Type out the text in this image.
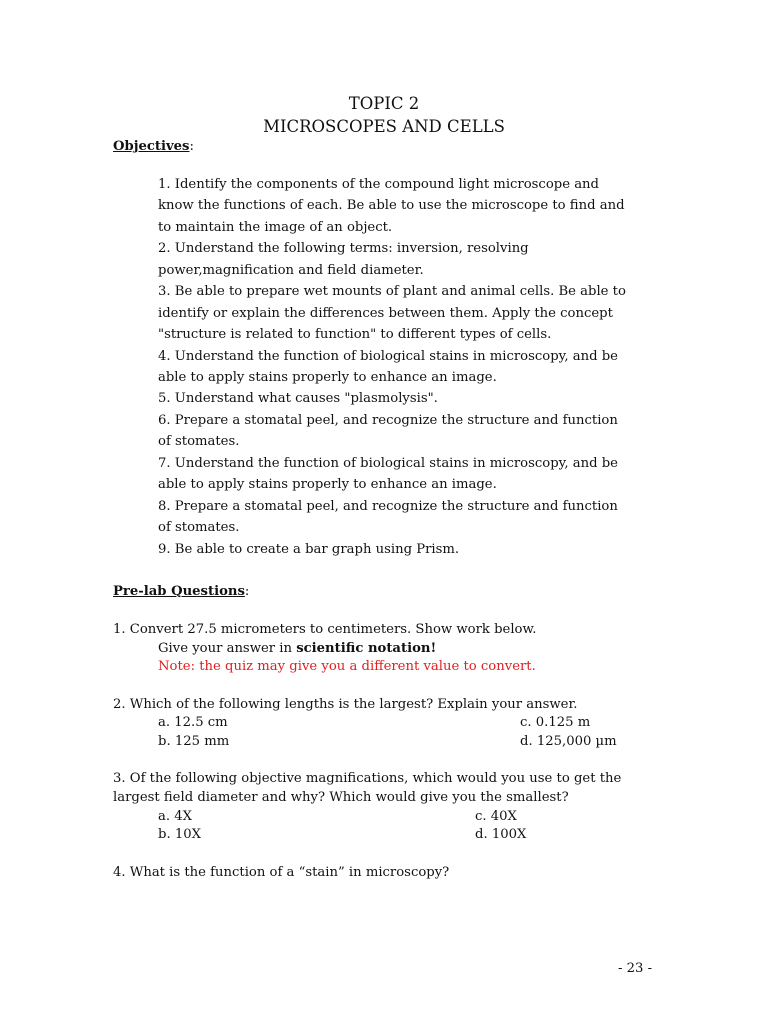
TOPIC 2
MICROSCOPES AND CELLS
Objectives:
1. Identify the components of the compound light microscope and
know the functions of each. Be able to use the microscope to find and
to maintain the image of an object.
2. Understand the following terms: inversion, resolving
power,magnification and field diameter.
3. Be able to prepare wet mounts of plant and animal cells. Be able to
identify or explain the differences between them. Apply the concept
"structure is related to function" to different types of cells.
4. Understand the function of biological stains in microscopy, and be
able to apply stains properly to enhance an image.
5. Understand what causes "plasmolysis".
6. Prepare a stomatal peel, and recognize the structure and function
of stomates.
7. Understand the function of biological stains in microscopy, and be
able to apply stains properly to enhance an image.
8. Prepare a stomatal peel, and recognize the structure and function
of stomates.
9. Be able to create a bar graph using Prism.
Pre-lab Questions:
1. Convert 27.5 micrometers to centimeters. Show work below.
Give your answer in scientific notation!
Note: the quiz may give you a different value to convert.
2. Which of the following lengths is the largest? Explain your answer.
a. 12.5 cm	c. 0.125 m
b. 125 mm	d. 125,000 µm
3. Of the following objective magnifications, which would you use to get the
largest field diameter and why? Which would give you the smallest?
a. 4X	c. 40X
b. 10X	d. 100X
4. What is the function of a “stain” in microscopy?
- 23 -
